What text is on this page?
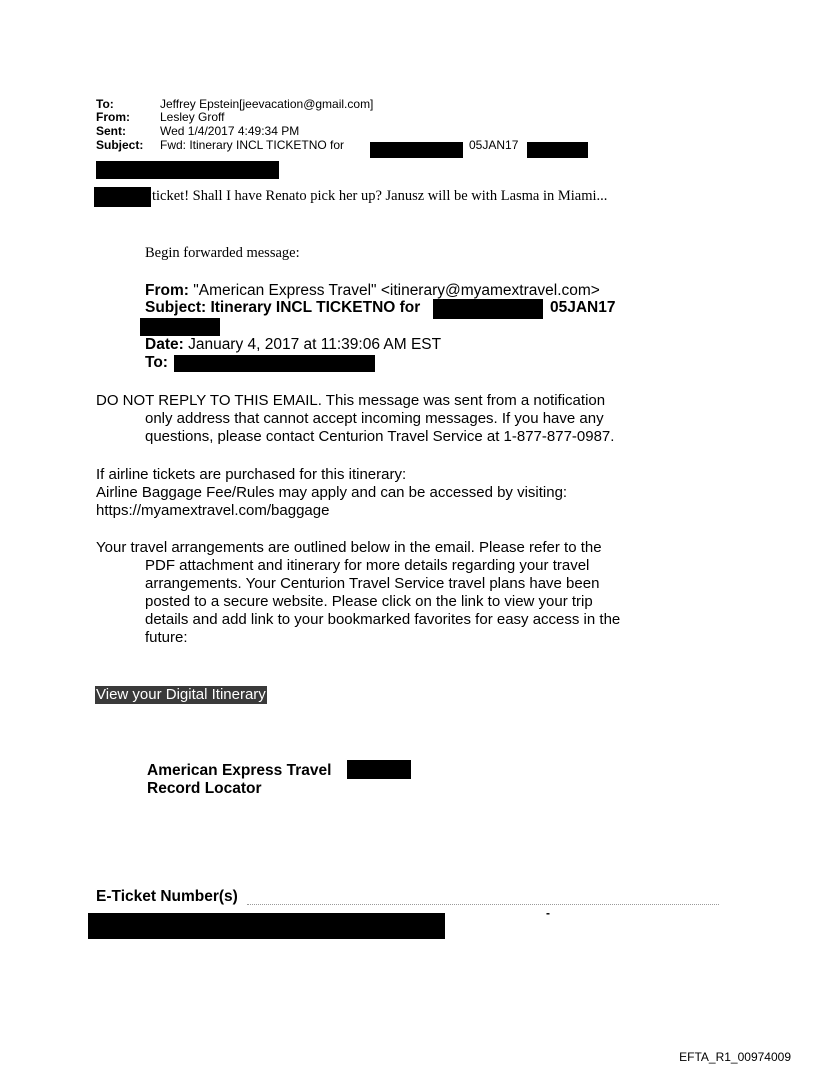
To:	Jeffrey Epstein[jeevacation@gmail.com]
From:	Lesley Groff
Sent:	Wed 1/4/2017 4:49:34 PM
Subject: Fwd: Itinerary INCL TICKETNO for	05JAN17
ticket! Shall I have Renato pick her up? Janusz will be with Lasma in Miami...
Begin forwarded message:
From: "American Express Travel" <itinerary@myamextravel.com>
Subject: Itinerary INCL TICKETNO for	05JAN17
Date: January 4, 2017 at 11:39:06 AM EST
To:
DO NOT REPLY TO THIS EMAIL. This message was sent from a notification
only address that cannot accept incoming messages. If you have any
questions, please contact Centurion Travel Service at 1-877-877-0987.
If airline tickets are purchased for this itinerary:
Airline Baggage Fee/Rules may apply and can be accessed by visiting:
https://myamextravel.com/baggage
Your travel arrangements are outlined below in the email. Please refer to the
PDF attachment and itinerary for more details regarding your travel
arrangements. Your Centurion Travel Service travel plans have been
posted to a secure website. Please click on the link to view your trip
details and add link to your bookmarked favorites for easy access in the
future:
View your Digital Itinerary
American Express Travel
Record Locator
E-Ticket Number(s)
-
EFTA_R1_00974009
